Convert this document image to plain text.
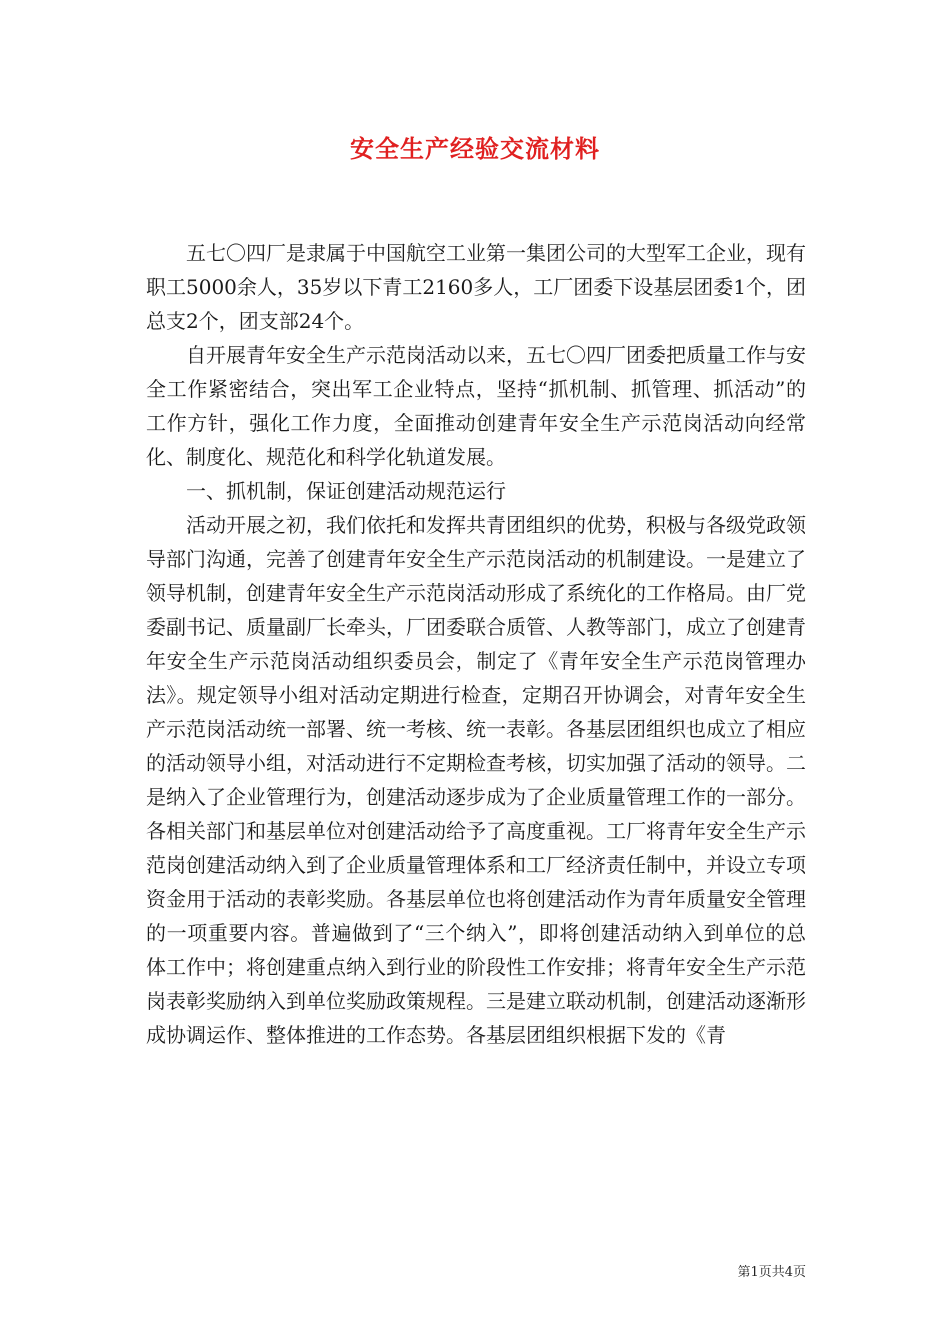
安全生产经验交流材料

五七〇四厂是隶属于中国航空工业第一集团公司的大型军工企业，现有职工5000余人，35岁以下青工2160多人，工厂团委下设基层团委1个，团总支2个，团支部24个。

自开展青年安全生产示范岗活动以来，五七〇四厂团委把质量工作与安全工作紧密结合，突出军工企业特点，坚持“抓机制、抓管理、抓活动”的工作方针，强化工作力度，全面推动创建青年安全生产示范岗活动向经常化、制度化、规范化和科学化轨道发展。

一、抓机制，保证创建活动规范运行

活动开展之初，我们依托和发挥共青团组织的优势，积极与各级党政领导部门沟通，完善了创建青年安全生产示范岗活动的机制建设。一是建立了领导机制，创建青年安全生产示范岗活动形成了系统化的工作格局。由厂党委副书记、质量副厂长牵头，厂团委联合质管、人教等部门，成立了创建青年安全生产示范岗活动组织委员会，制定了《青年安全生产示范岗管理办法》。规定领导小组对活动定期进行检查，定期召开协调会，对青年安全生产示范岗活动统一部署、统一考核、统一表彰。各基层团组织也成立了相应的活动领导小组，对活动进行不定期检查考核，切实加强了活动的领导。二是纳入了企业管理行为，创建活动逐步成为了企业质量管理工作的一部分。各相关部门和基层单位对创建活动给予了高度重视。工厂将青年安全生产示范岗创建活动纳入到了企业质量管理体系和工厂经济责任制中，并设立专项资金用于活动的表彰奖励。各基层单位也将创建活动作为青年质量安全管理的一项重要内容。普遍做到了“三个纳入”，即将创建活动纳入到单位的总体工作中；将创建重点纳入到行业的阶段性工作安排；将青年安全生产示范岗表彰奖励纳入到单位奖励政策规程。三是建立联动机制，创建活动逐渐形成协调运作、整体推进的工作态势。各基层团组织根据下发的《青

第1页共4页
